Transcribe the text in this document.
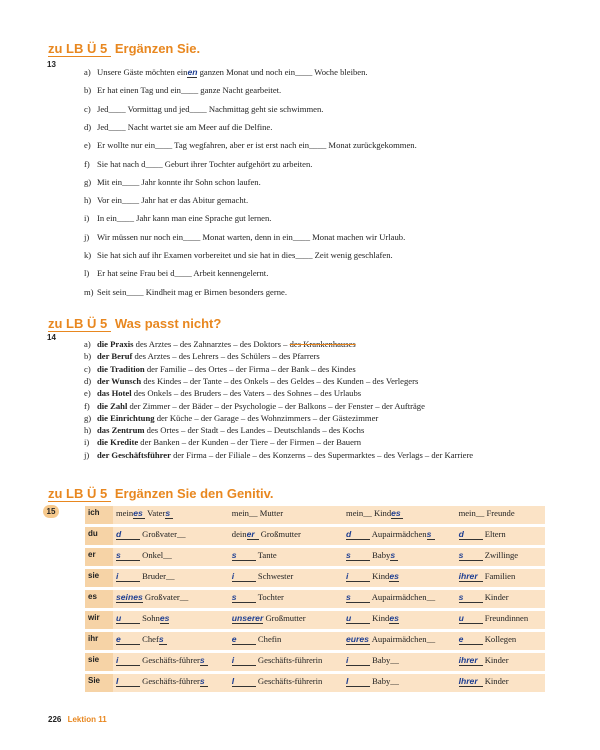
zu LB Ü 5 Ergänzen Sie.
13
a) Unsere Gäste möchten einen ganzen Monat und noch ein____ Woche bleiben.
b) Er hat einen Tag und ein____ ganze Nacht gearbeitet.
c) Jed____ Vormittag und jed____ Nachmittag geht sie schwimmen.
d) Jed____ Nacht wartet sie am Meer auf die Delfine.
e) Er wollte nur ein____ Tag wegfahren, aber er ist erst nach ein____ Monat zurückgekommen.
f) Sie hat nach d____ Geburt ihrer Tochter aufgehört zu arbeiten.
g) Mit ein____ Jahr konnte ihr Sohn schon laufen.
h) Vor ein____ Jahr hat er das Abitur gemacht.
i) In ein____ Jahr kann man eine Sprache gut lernen.
j) Wir müssen nur noch ein____ Monat warten, denn in ein____ Monat machen wir Urlaub.
k) Sie hat sich auf ihr Examen vorbereitet und sie hat in dies____ Zeit wenig geschlafen.
l) Er hat seine Frau bei d____ Arbeit kennengelernt.
m) Seit sein____ Kindheit mag er Birnen besonders gerne.
zu LB Ü 5 Was passt nicht?
14
a) die Praxis des Arztes – des Zahnarztes – des Doktors – des Krankenhauses
b) der Beruf des Arztes – des Lehrers – des Schülers – des Pfarrers
c) die Tradition der Familie – des Ortes – der Firma – der Bank – des Kindes
d) der Wunsch des Kindes – der Tante – des Onkels – des Geldes – des Kunden – des Verlegers
e) das Hotel des Onkels – des Bruders – des Vaters – des Sohnes – des Urlaubs
f) die Zahl der Zimmer – der Bäder – der Psychologie – der Balkons – der Fenster – der Aufträge
g) die Einrichtung der Küche – der Garage – des Wohnzimmers – der Gästezimmer
h) das Zentrum des Ortes – der Stadt – des Landes – Deutschlands – des Kochs
i) die Kredite der Banken – der Kunden – der Tiere – der Firmen – der Bauern
j) der Geschäftsführer der Firma – der Filiale – des Konzerns – des Supermarktes – des Verlags – der Karriere
zu LB Ü 5 Ergänzen Sie den Genitiv.
15	ich	meines Vaters	mein__ Mutter	mein__ Kindes	mein__ Freunde
du	d Großvater__	deiner Großmutter	d Aupairmädchens	d Eltern
er	s Onkel__	s Tante	s Babys	s Zwillinge
sie	i Bruder__	i Schwester	i Kindes	ihrer Familien
es	seines Großvater__	s Tochter	s Aupairmädchen__	s Kinder
wir	u Sohnes	unserer Großmutter	u Kindes	u Freundinnen
ihr	e Chefs	e Chefin	eures Aupairmädchen__	e Kollegen
sie	i Geschäfts-führers	i Geschäfts-führerin	i Baby__	ihrer Kinder
Sie	I Geschäfts-führers	I Geschäfts-führerin	I Baby__	Ihrer Kinder
226 Lektion 11
